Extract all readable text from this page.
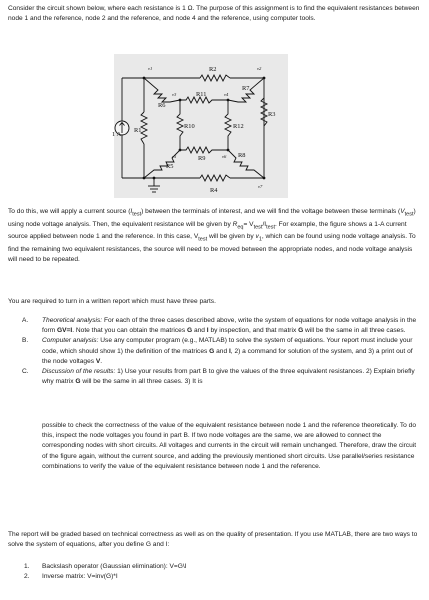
Consider the circuit shown below, where each resistance is 1 Ω. The purpose of this assignment is to find the equivalent resistances between node 1 and the reference, node 2 and the reference, and node 4 and the reference, using computer tools.

1 A
R1
R2
R3
R4
R5
R6
R7
R8
R9
R10
R11
R12
v1	v2
v3	v4
v5	v6
v7

To do this, we will apply a current source $(I_{test})$ between the terminals of interest, and we will find the voltage between these terminals $(V_{test})$ using node voltage analysis. Then, the equivalent resistance will be given by $R_{eq}= V_{test}/I_{test}$. For example, the figure shows a 1-A current source applied between node 1 and the reference. In this case, $V_{test}$ will be given by $v_1$, which can be found using node voltage analysis. To find the remaining two equivalent resistances, the source will need to be moved between the appropriate nodes, and node voltage analysis will need to be repeated.

You are required to turn in a written report which must have three parts.

A. Theoretical analysis: For each of the three cases described above, write the system of equations for node voltage analysis in the form GV=I. Note that you can obtain the matrices G and I by inspection, and that matrix G will be the same in all three cases.
B. Computer analysis: Use any computer program (e.g., MATLAB) to solve the system of equations. Your report must include your code, which should show 1) the definition of the matrices G and I, 2) a command for solution of the system, and 3) a print out of the node voltages V.
C. Discussion of the results: 1) Use your results from part B to give the values of the three equivalent resistances. 2) Explain briefly why matrix G will be the same in all three cases. 3) It is

possible to check the correctness of the value of the equivalent resistance between node 1 and the reference theoretically. To do this, inspect the node voltages you found in part B. If two node voltages are the same, we are allowed to connect the corresponding nodes with short circuits. All voltages and currents in the circuit will remain unchanged. Therefore, draw the circuit of the figure again, without the current source, and adding the previously mentioned short circuits. Use parallel/series resistance combinations to verify the value of the equivalent resistance between node 1 and the reference.

The report will be graded based on technical correctness as well as on the quality of presentation. If you use MATLAB, there are two ways to solve the system of equations, after you define G and I:

1. Backslash operator (Gaussian elimination): V=G\I
2. Inverse matrix: V=inv(G)*I
